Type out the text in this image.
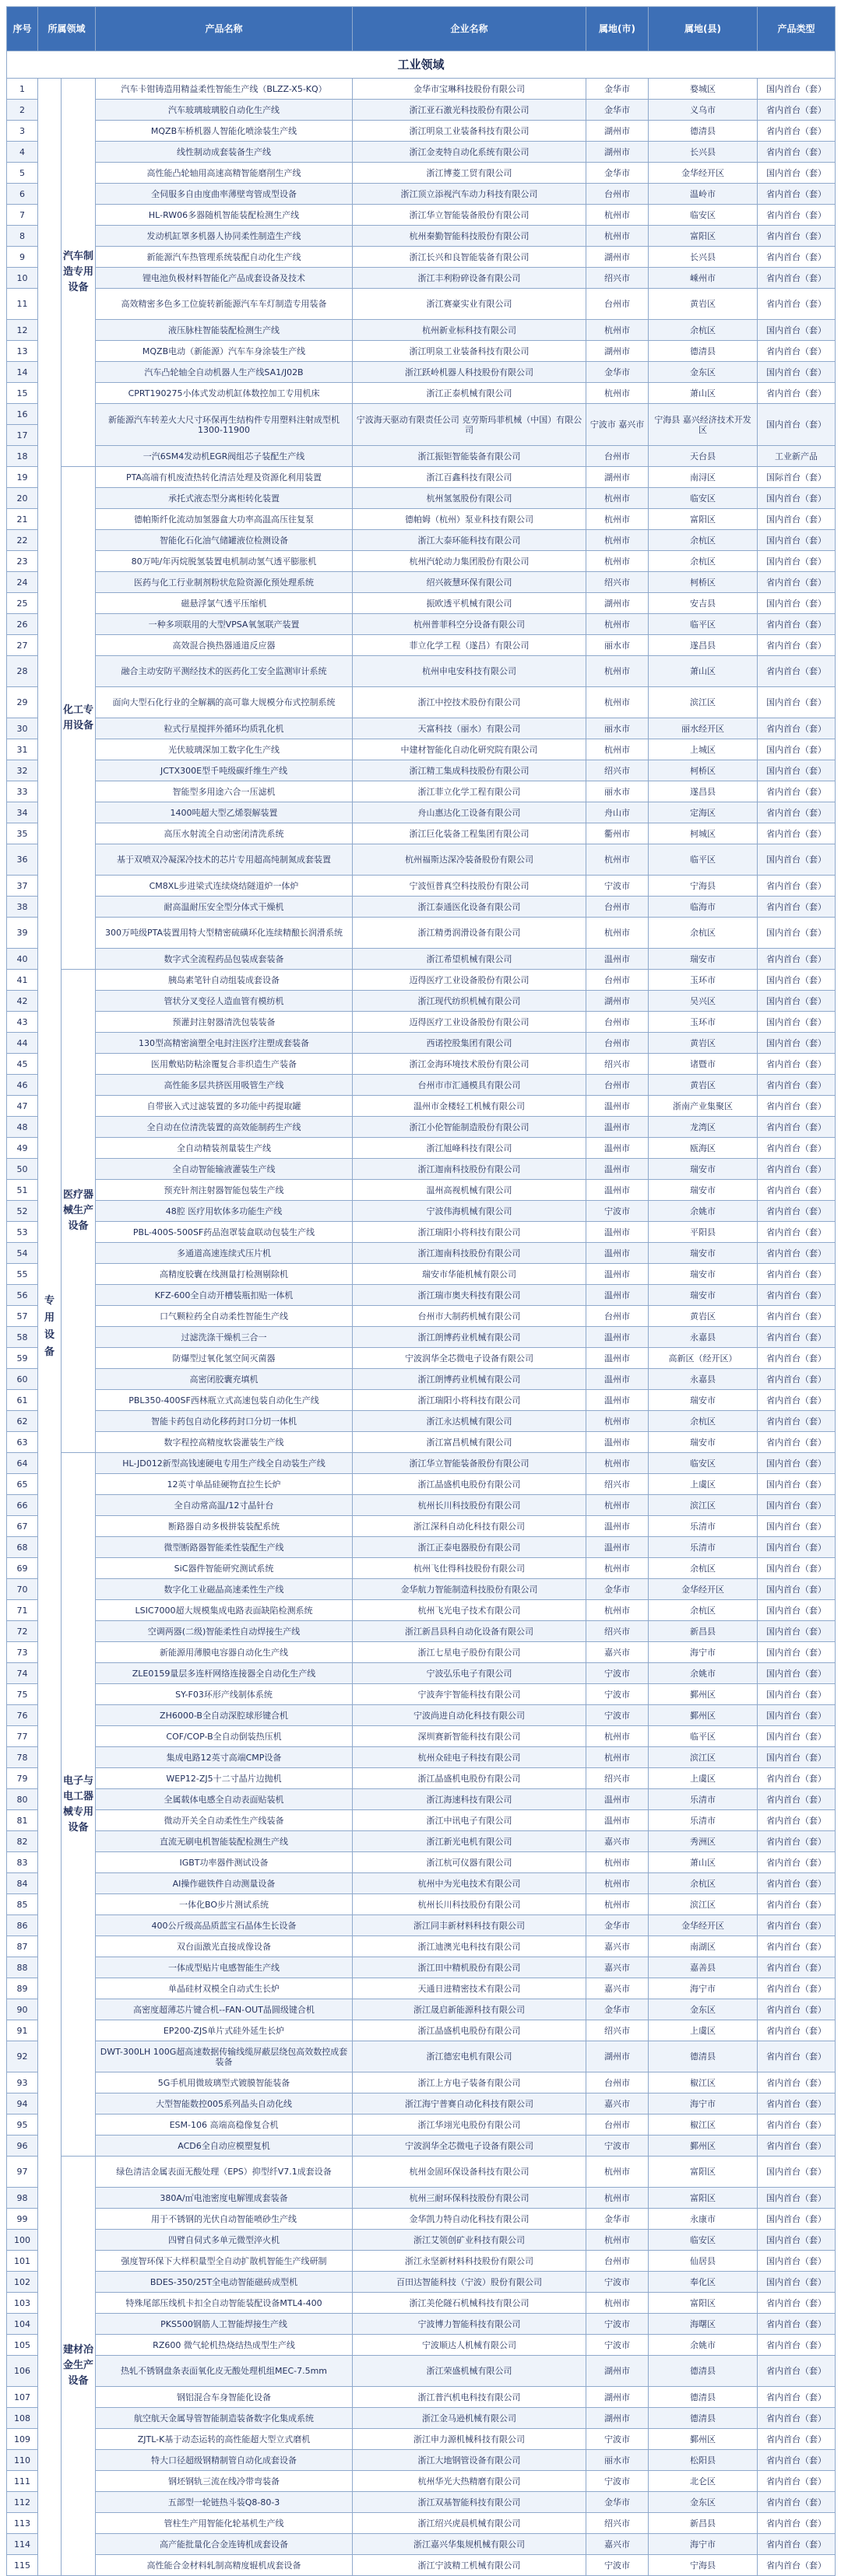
序号	所属领域		产品名称	企业名称	属地(市)	属地(县)	产品类型
工业领域							
1	专用设备	汽车制造专用设备	汽车卡钳铸造用精益柔性智能生产线（BLZZ-X5-KQ）	金华市宝琳科技股份有限公司	金华市	婺城区	国内首台（套）
2			汽车玻璃玻璃胶自动化生产线	浙江亚石激光科技股份有限公司	金华市	义乌市	省内首台（套）
3			MQZB车桥机器人智能化喷涂装生产线	浙江明泉工业装备科技有限公司	湖州市	德清县	省内首台（套）
4			线性制动成套装备生产线	浙江金麦特自动化系统有限公司	湖州市	长兴县	省内首台（套）
5			高性能凸轮轴用高速高精智能磨削生产线	浙江博菱工贸有限公司	金华市	金华经开区	国内首台（套）
6			全伺服多自由度曲率薄壁弯管成型设备	浙江顶立添视汽车动力科技有限公司	台州市	温岭市	省内首台（套）
7			HL-RW06多器随机智能装配检测生产线	浙江华立智能装备股份有限公司	杭州市	临安区	省内首台（套）
8			发动机缸罩多机器人协同柔性制造生产线	杭州秦勤智能科技股份有限公司	杭州市	富阳区	省内首台（套）
9			新能源汽车热管理系统装配自动化生产线	浙江长兴和良智能装备有限公司	湖州市	长兴县	省内首台（套）
10			锂电池负极材料智能化产品成套设备及技术	浙江丰利粉碎设备有限公司	绍兴市	嵊州市	省内首台（套）
11			高效精密多色多工位旋转新能源汽车车灯制造专用装备	浙江赛豪实业有限公司	台州市	黄岩区	省内首台（套）
12			液压脉柱智能装配检测生产线	杭州新业标科技有限公司	杭州市	余杭区	国内首台（套）
13			MQZB电动（新能源）汽车车身涂装生产线	浙江明泉工业装备科技有限公司	湖州市	德清县	省内首台（套）
14			汽车凸轮轴全自动机器人生产线SA1/J02B	浙江跃岭机器人科技股份有限公司	金华市	金东区	国内首台（套）
15			CPRT190275小体式发动机缸体数控加工专用机床	浙江正泰机械有限公司	杭州市	萧山区	省内首台（套）
16			新能源汽车转差火大尺寸环保再生结构件专用塑料注射成型机1300-11900	宁波海天驱动有限责任公司 克劳斯玛菲机械（中国）有限公司	宁波市 嘉兴市	宁海县 嘉兴经济技术开发区	国内首台（套）
17							
18			一汽6SM4发动机EGR阀组芯子装配生产线	浙江振钜智能装备有限公司	台州市	天台县	工业新产品
19		化工专用设备	PTA高端有机废渣热转化清洁处理及资源化利用装置	浙江百鑫科技有限公司	湖州市	南浔区	国际首台（套）
20			承托式液态型分离柜转化装置	杭州氢氢股份有限公司	杭州市	临安区	国内首台（套）
21			德帕斯纤化流动加氢器盒大功率高温高压往复泵	德帕姆（杭州）泵业科技有限公司	杭州市	富阳区	国内首台（套）
22			智能化石化油气储罐液位检测设备	浙江大泰环能科技有限公司	杭州市	余杭区	国内首台（套）
23			80万吨/年丙烷脱氢装置电机制动氢气透平膨胀机	杭州汽轮动力集团股份有限公司	杭州市	余杭区	国内首台（套）
24			医药与化工行业制剂粉状危险资源化预处理系统	绍兴筱慧环保有限公司	绍兴市	柯桥区	省内首台（套）
25			磁悬浮氯气透平压缩机	振欧透平机械有限公司	湖州市	安吉县	国内首台（套）
26			一种多项联用的大型VPSA氧氢联产装置	杭州普菲科空分设备有限公司	杭州市	临平区	省内首台（套）
27			高效混合换热器通道反应器	菲立化学工程（遂昌）有限公司	丽水市	遂昌县	省内首台（套）
28			融合主动安防平测经技术的医药化工安全监测审计系统	杭州申电安科技有限公司	杭州市	萧山区	省内首台（套）
29			面向大型石化行业的全解耦的高可靠大规模分布式控制系统	浙江中控技术股份有限公司	杭州市	滨江区	国内首台（套）
30			粒式行星搅拌外循环均质乳化机	天富科技（丽水）有限公司	丽水市	丽水经开区	省内首台（套）
31			光伏玻璃深加工数字化生产线	中建材智能化自动化研究院有限公司	杭州市	上城区	国内首台（套）
32			JCTX300E型千吨级碳纤维生产线	浙江精工集成科技股份有限公司	绍兴市	柯桥区	国内首台（套）
33			智能型多用途六合一压滤机	浙江菲立化学工程有限公司	丽水市	遂昌县	省内首台（套）
34			1400吨超大型乙烯裂解装置	舟山惠达化工设备有限公司	舟山市	定海区	省内首台（套）
35			高压水射流全自动密闭清洗系统	浙江巨化装备工程集团有限公司	衢州市	柯城区	省内首台（套）
36			基于双喷双冷凝深冷技术的芯片专用超高纯制氮成套装置	杭州福斯达深冷装备股份有限公司	杭州市	临平区	国内首台（套）
37			CM8XL步进梁式连续烧结隧道炉一体炉	宁波恒普真空科技股份有限公司	宁波市	宁海县	省内首台（套）
38			耐高温耐压安全型分体式干燥机	浙江泰通医化设备有限公司	台州市	临海市	省内首台（套）
39			300万吨级PTA装置用特大型精密硫磺环化连续精酿长润滑系统	浙江精勇润滑设备有限公司	杭州市	余杭区	国内首台（套）
40			数字式全流程药品包装成套装备	浙江希望机械有限公司	温州市	瑞安市	省内首台（套）
41		医疗器械生产设备	胰岛素笔针自动组装成套设备	迈得医疗工业设备股份有限公司	台州市	玉环市	国内首台（套）
42			管状分叉变径人造血管有模纺机	浙江现代纺织机械有限公司	湖州市	吴兴区	国内首台（套）
43			预灌封注射器清洗包装装备	迈得医疗工业设备股份有限公司	台州市	玉环市	国内首台（套）
44			130型高精密滴塑全电封注医疗注塑成套装备	西诺控股集团有限公司	台州市	黄岩区	国内首台（套）
45			医用敷贴防粘涂覆复合非织造生产装备	浙江金海环境技术股份有限公司	绍兴市	诸暨市	省内首台（套）
46			高性能多层共挤医用吸管生产线	台州市市汇通模具有限公司	台州市	黄岩区	省内首台（套）
47			自带嵌入式过滤装置的多功能中药提取罐	温州市金楼轻工机械有限公司	温州市	浙南产业集聚区	省内首台（套）
48			全自动在位清洗装置的高效能制药生产线	浙江小伦智能制造股份有限公司	温州市	龙湾区	省内首台（套）
49			全自动精装剂量装生产线	浙江旭峰科技有限公司	温州市	瓯海区	省内首台（套）
50			全自动智能输液灌装生产线	浙江迦南科技股份有限公司	温州市	瑞安市	省内首台（套）
51			预充针剂注射器智能包装生产线	温州高视机械有限公司	温州市	瑞安市	省内首台（套）
52			48腔 医疗用软体多功能生产线	宁波伟海机械有限公司	宁波市	余姚市	省内首台（套）
53			PBL-400S-500SF药品泡罩装盒联动包装生产线	浙江瑞阳小将科技有限公司	温州市	平阳县	省内首台（套）
54			多通道高速连续式压片机	浙江迦南科技股份有限公司	温州市	瑞安市	省内首台（套）
55			高精度胶囊在线测量打检测剔除机	瑞安市华能机械有限公司	温州市	瑞安市	省内首台（套）
56			KFZ-600全自动开槽装瓶扣贴一体机	浙江瑞市奥夫科技有限公司	温州市	瑞安市	省内首台（套）
57			口气颗粒药全自动柔性智能生产线	台州市大制药机械有限公司	台州市	黄岩区	省内首台（套）
58			过滤洗涤干燥机三合一	浙江朗博药业机械有限公司	温州市	永嘉县	省内首台（套）
59			防爆型过氧化氢空间灭菌器	宁波润华全芯微电子设备有限公司	温州市	高新区（经开区）	省内首台（套）
60			高密闭胶囊充填机	浙江朗博药业机械有限公司	温州市	永嘉县	省内首台（套）
61			PBL350-400SF西林瓶立式高速包装自动化生产线	浙江瑞阳小将科技有限公司	温州市	瑞安市	省内首台（套）
62			智能卡药包自动化移药封口分切一体机	浙江永达机械有限公司	杭州市	余杭区	省内首台（套）
63			数字程控高精度软袋灌装生产线	浙江富昌机械有限公司	温州市	瑞安市	省内首台（套）
64		电子与电工器械专用设备	HL-JD012新型高钱速硬电专用生产线全自动装生产线	浙江华立智能装备股份有限公司	杭州市	临安区	国内首台（套）
65			12英寸单晶硅硬物直拉生长炉	浙江晶盛机电股份有限公司	绍兴市	上虞区	国内首台（套）
66			全自动常高温/12寸晶针台	杭州长川科技股份有限公司	杭州市	滨江区	国内首台（套）
67			断路器自动多极拼装装配系统	浙江深科自动化科技有限公司	温州市	乐清市	国内首台（套）
68			微型断路器智能柔性装配生产线	浙江正泰电器股份有限公司	温州市	乐清市	国内首台（套）
69			SiC器件智能研究测试系统	杭州飞仕得科技股份有限公司	杭州市	余杭区	国内首台（套）
70			数字化工业磁晶高速柔性生产线	金华航力智能制造科技股份有限公司	金华市	金华经开区	国内首台（套）
71			LSIC7000超大规模集成电路表面缺陷检测系统	杭州飞光电子技术有限公司	杭州市	余杭区	国内首台（套）
72			空调两器(二级)智能柔性自动焊接生产线	浙江新昌县科自动化设备有限公司	绍兴市	新昌县	国内首台（套）
73			新能源用薄膜电容器自动化生产线	浙江七星电子股份有限公司	嘉兴市	海宁市	国内首台（套）
74			ZLE0159量层多连杆网络连接器全自动化生产线	宁波弘乐电子有限公司	宁波市	余姚市	国内首台（套）
75			SY-F03环形产线制体系统	宁波奔宇智能科技有限公司	宁波市	鄞州区	国内首台（套）
76			ZH6000-B全自动深腔球形键合机	宁波尚进自动化科技有限公司	宁波市	鄞州区	国内首台（套）
77			COF/COP-B全自动倒装热压机	深圳赛新智能科技有限公司	杭州市	临平区	国内首台（套）
78			集成电路12英寸高端CMP设备	杭州众硅电子科技有限公司	杭州市	滨江区	国内首台（套）
79			WEP12-ZJ5十二寸晶片边抛机	浙江晶盛机电股份有限公司	绍兴市	上虞区	省内首台（套）
80			全属载体电感全自动表面贴装机	浙江海速科技有限公司	温州市	乐清市	省内首台（套）
81			微动开关全自动柔性生产线装备	浙江中讯电子有限公司	温州市	乐清市	省内首台（套）
82			直流无刷电机智能装配检测生产线	浙江新光电机有限公司	嘉兴市	秀洲区	省内首台（套）
83			IGBT功率器件测试设备	浙江杭可仪器有限公司	杭州市	萧山区	省内首台（套）
84			AI操作磁铁件自动测量设备	杭州中为光电技术有限公司	杭州市	余杭区	省内首台（套）
85			一体化BO步片测试系统	杭州长川科技股份有限公司	杭州市	滨江区	省内首台（套）
86			400公斤级高品质蓝宝石晶体生长设备	浙江同丰新材料科技有限公司	金华市	金华经开区	省内首台（套）
87			双台面激光直接成像设备	浙江迪澳光电科技有限公司	嘉兴市	南湖区	省内首台（套）
88			一体成型贴片电感智能生产线	浙江田中精机股份有限公司	嘉兴市	嘉善县	省内首台（套）
89			单晶硅材双模全自动式生长炉	天通日进精密技术有限公司	嘉兴市	海宁市	省内首台（套）
90			高密度超薄芯片键合机--FAN-OUT晶圆级键合机	浙江晟启新能源科技有限公司	金华市	金东区	省内首台（套）
91			EP200-ZJS单片式硅外延生长炉	浙江晶盛机电股份有限公司	绍兴市	上虞区	省内首台（套）
92			DWT-300LH 100G超高速数据传输线缆屏蔽层绕包高效数控成套装备	浙江德宏电机有限公司	湖州市	德清县	省内首台（套）
93			5G手机用微玻璃型式镀膜智能装备	浙江上方电子装备有限公司	台州市	椒江区	省内首台（套）
94			大型智能数控005系列晶头自动化线	浙江海宁普赛自动化科技有限公司	嘉兴市	海宁市	省内首台（套）
95			ESM-106 高端高稳像复合机	浙江华翊光电股份有限公司	台州市	椒江区	省内首台（套）
96			ACD6全自动应模塑复机	宁波润华全芯微电子设备有限公司	宁波市	鄞州区	省内首台（套）
97		建材冶金生产设备	绿色清洁金属表面无酸处理（EPS）抑型纤V7.1成套设备	杭州金固环保设备科技有限公司	杭州市	富阳区	国内首台（套）
98			380A/㎡电池密度电解锂成套装备	杭州三耐环保科技股份有限公司	杭州市	富阳区	国内首台（套）
99			用于不锈钢的光伏自动智能喷砂生产线	金华凯力特自动化科技有限公司	金华市	永康市	国内首台（套）
100			四臂自伺式多单元微型淬火机	浙江艾领创矿业科技有限公司	杭州市	临安区	国内首台（套）
101			强度智环保下大样积量型全自动扩散机智能生产线研制	浙江永坚新材料科技股份有限公司	台州市	仙居县	国内首台（套）
102			BDES-350/25T全电动智能磁砖成型机	百田达智能科技（宁波）股份有限公司	宁波市	奉化区	国内首台（套）
103			特殊尾部压线机卡扣全自动智能装配设备MTL4-400	浙江美伦隧石机械科技有限公司	杭州市	富阳区	省内首台（套）
104			PKS500钢筋人工智能焊接生产线	宁波博力智能科技有限公司	宁波市	海曙区	省内首台（套）
105			RZ600 微气轮机热烧结热成型生产线	宁波顺达人机械有限公司	宁波市	余姚市	省内首台（套）
106			热轧不锈钢盘条表面氧化皮无酸处理机组MEC-7.5mm	浙江荣盛机械有限公司	湖州市	德清县	省内首台（套）
107			钢铝混合车身智能化设备	浙江普汽机电科技有限公司	湖州市	德清县	省内首台（套）
108			航空航天金属导管智能制造装备数字化集成系统	浙江金马逊机械有限公司	湖州市	德清县	省内首台（套）
109			ZJTL-K基于动态运转的高性能超大型立式磨机	浙江申力源机械科技有限公司	宁波市	鄞州区	省内首台（套）
110			特大口径超级钢精制管自动化成套设备	浙江大地钢管设备有限公司	丽水市	松阳县	省内首台（套）
111			钢坯钢轨三流在线冷带弯装备	杭州华光大热精磨有限公司	宁波市	北仑区	省内首台（套）
112			五部型一轮链热斗装Q8-80-3	浙江双基智能科技有限公司	金华市	金东区	省内首台（套）
113			管柱生产用智能化轮基机生产线	浙江绍兴虎晨机械有限公司	绍兴市	新昌县	省内首台（套）
114			高产能批量化合金连铸机成套设备	浙江嘉兴华集规机械有限公司	嘉兴市	海宁市	省内首台（套）
115			高性能合金材料轧制高精度辊机成套设备	浙江宁波精工机械有限公司	宁波市	宁海县	省内首台（套）
